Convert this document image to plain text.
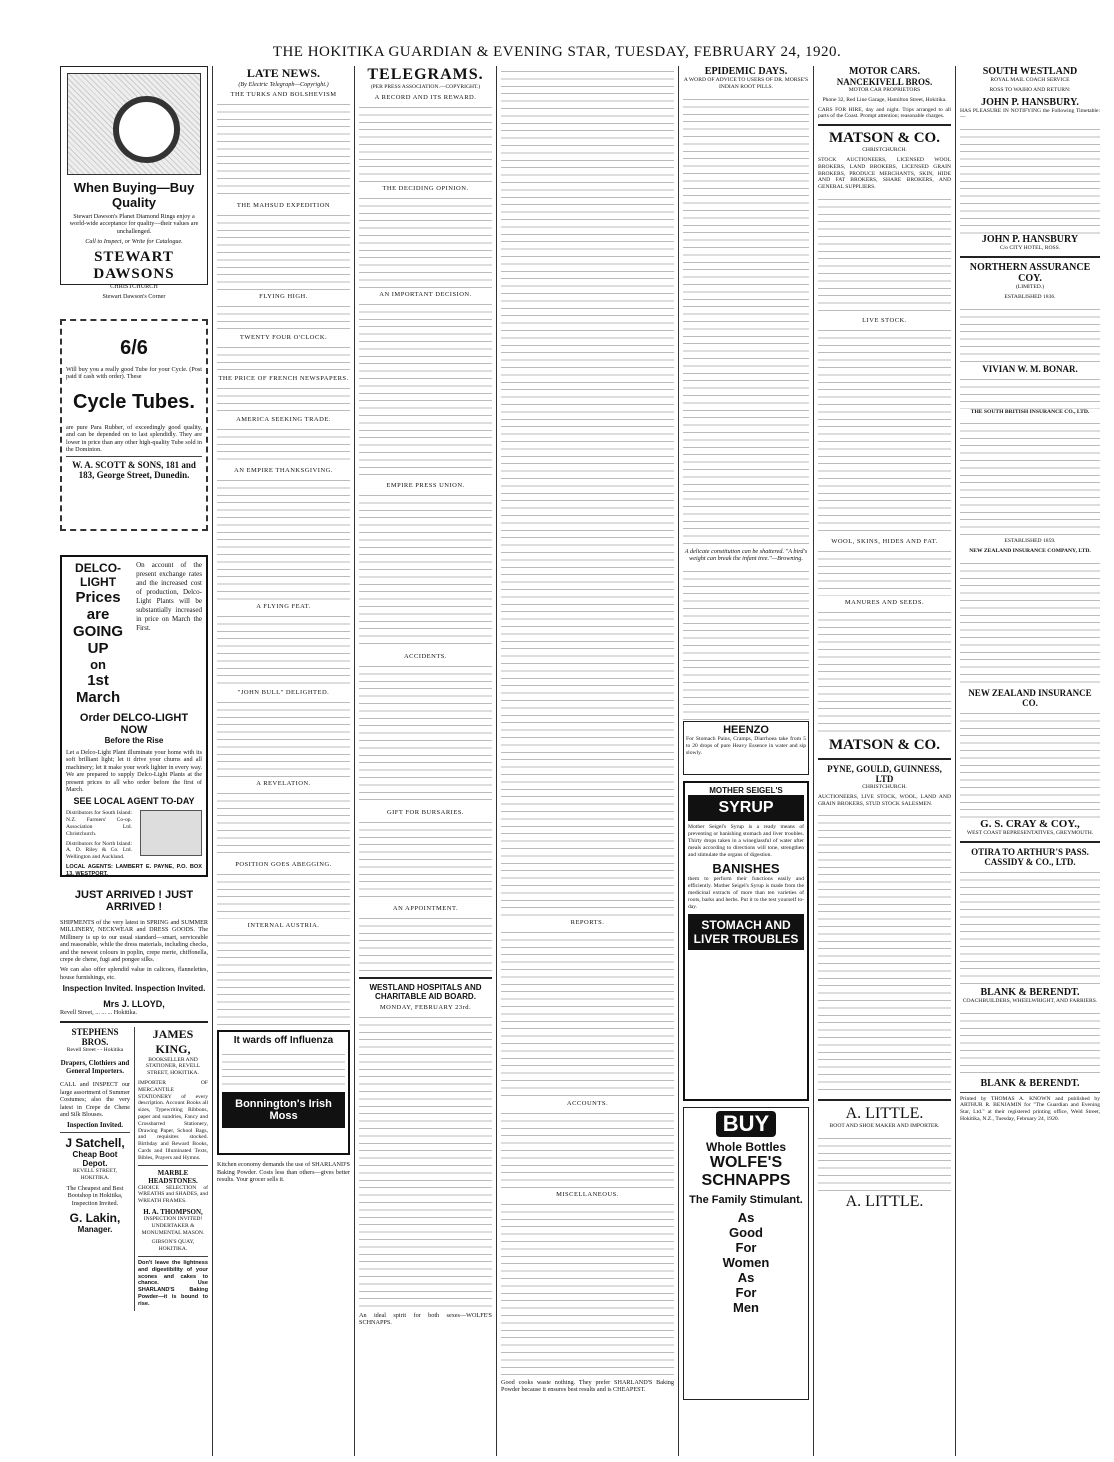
THE HOKITIKA GUARDIAN & EVENING STAR, TUESDAY, FEBRUARY 24, 1920.
When Buying—Buy Quality
Stewart Dawson's Planet Diamond Rings enjoy a world-wide acceptance for quality—their values are unchallenged.
Call to Inspect, or Write for Catalogue.
STEWART DAWSONS
CHRISTCHURCH
Stewart Dawson's Corner
6/6
Will buy you a really good Tube for your Cycle. (Post paid if cash with order). These
Cycle Tubes.
are pure Para Rubber, of exceedingly good quality, and can be depended on to last splendidly. They are lower in price than any other high-quality Tube sold in the Dominion.
W. A. SCOTT & SONS, 181 and 183, George Street, Dunedin.
DELCO-LIGHT
Prices are
GOING UP
on
1st March
On account of the present exchange rates and the increased cost of production, Delco-Light Plants will be substantially increased in price on March the First.
Order DELCO-LIGHT NOW
Before the Rise
Let a Delco-Light Plant illuminate your home with its soft brilliant light; let it drive your churns and all machinery; let it make your work lighter in every way. We are prepared to supply Delco-Light Plants at the present prices to all who order before the first of March.
SEE LOCAL AGENT TO-DAY
Distributors for South Island: N.Z. Farmers' Co-op. Association Ltd. Christchurch.
Distributors for North Island: A. D. Riley & Co. Ltd. Wellington and Auckland.
LOCAL AGENTS: LAMBERT E. PAYNE, P.O. BOX 13, WESTPORT.
JUST ARRIVED ! JUST ARRIVED !
SHIPMENTS of the very latest in SPRING and SUMMER MILLINERY, NECKWEAR and DRESS GOODS. The Millinery is up to our usual standard—smart, serviceable and reasonable, while the dress materials, including checks, and the newest colours in poplin, crepe merie, chiffonella, crepe de chene, fugi and pongee silks.
We can also offer splendid value in calicoes, flannelettes, house furnishings, etc.
Inspection Invited. Inspection Invited.
Mrs J. LLOYD,
Revell Street, ... ... ... Hokitika.
STEPHENS BROS.
Revell Street - - Hokitika
Drapers, Clothiers and General Importers.
CALL and INSPECT our large assortment of Summer Costumes; also the very latest in Crepe de Chene and Silk Blouses.
Inspection Invited.
J Satchell,
Cheap Boot Depot.
REVELL STREET, HOKITIKA.
The Cheapest and Best Bootshop in Hokitika, Inspection Invited.
G. Lakin,
Manager.
JAMES KING,
BOOKSELLER AND STATIONER, REVELL STREET, HOKITIKA.
IMPORTER OF MERCANTILE STATIONERY of every description. Account Books all sizes, Typewriting Ribbons, paper and sundries, Fancy and Crossbarred Stationery, Drawing Paper, School Bags, and requisites stocked. Birthday and Reward Books, Cards and Illuminated Texts, Bibles, Prayers and Hymns.
MARBLE HEADSTONES.
CHOICE SELECTION of WREATHS and SHADES, and WREATH FRAMES.
H. A. THOMPSON,
INSPECTION INVITED! UNDERTAKER & MONUMENTAL MASON.
GIBSON'S QUAY, HOKITIKA.
Don't leave the lightness and digestibility of your scones and cakes to chance. Use SHARLAND'S Baking Powder—it is bound to rise.
LATE NEWS.
(By Electric Telegraph—Copyright.)
THE TURKS AND BOLSHEVISM
THE MAHSUD EXPEDITION
FLYING HIGH.
TWENTY FOUR O'CLOCK.
THE PRICE OF FRENCH NEWSPAPERS.
AMERICA SEEKING TRADE.
AN EMPIRE THANKSGIVING.
A FLYING FEAT.
"JOHN BULL" DELIGHTED.
A REVELATION.
POSITION GOES ABEGGING.
INTERNAL AUSTRIA.
It wards off Influenza
Bonnington's Irish Moss
Kitchen economy demands the use of SHARLAND'S Baking Powder. Costs less than others—gives better results. Your grocer sells it.
TELEGRAMS.
(PER PRESS ASSOCIATION.—COPYRIGHT.)
A RECORD AND ITS REWARD.
THE DECIDING OPINION.
AN IMPORTANT DECISION.
EMPIRE PRESS UNION.
ACCIDENTS.
GIFT FOR BURSARIES.
AN APPOINTMENT.
WESTLAND HOSPITALS AND CHARITABLE AID BOARD.
MONDAY, FEBRUARY 23rd.
An ideal spirit for both sexes—WOLFE'S SCHNAPPS.
REPORTS.
ACCOUNTS.
MISCELLANEOUS.
Good cooks waste nothing. They prefer SHARLAND'S Baking Powder because it ensures best results and is CHEAPEST.
EPIDEMIC DAYS.
A WORD OF ADVICE TO USERS OF DR. MORSE'S INDIAN ROOT PILLS.
A delicate constitution can be shattered. "A bird's weight can break the infant tree."—Browning.
HEENZO
For Stomach Pains, Cramps, Diarrhoea take from 5 to 20 drops of pure Heavy Essence in water and sip slowly.
MOTHER SEIGEL'S
SYRUP
Mother Seigel's Syrup is a ready means of preventing or banishing stomach and liver troubles. Thirty drops taken in a wineglassful of water after meals according to directions will tone, strengthen and stimulate the organs of digestion.
BANISHES
them to perform their functions easily and efficiently. Mother Seigel's Syrup is made from the medicinal extracts of more than ten varieties of roots, barks and herbs. Put it to the test yourself to-day.
STOMACH AND LIVER TROUBLES
BUY
Whole Bottles
WOLFE'S SCHNAPPS
The Family Stimulant.
As
Good
For
Women
As
For
Men
MOTOR CARS.
NANCEKIVELL BROS.
MOTOR CAR PROPRIETORS
Phone 32, Red Line Garage, Hamilton Street, Hokitika.
CARS FOR HIRE, day and night. Trips arranged to all parts of the Coast. Prompt attention; reasonable charges.
MATSON & CO.
CHRISTCHURCH.
STOCK AUCTIONEERS, LICENSED WOOL BROKERS, LAND BROKERS, LICENSED GRAIN BROKERS, PRODUCE MERCHANTS, SKIN, HIDE AND FAT BROKERS, SHARE BROKERS, AND GENERAL SUPPLIERS.
LIVE STOCK.
WOOL, SKINS, HIDES AND FAT.
MANURES AND SEEDS.
MATSON & CO.
PYNE, GOULD, GUINNESS, LTD
CHRISTCHURCH.
AUCTIONEERS, LIVE STOCK, WOOL, LAND AND GRAIN BROKERS, STUD STOCK SALESMEN.
A. LITTLE.
BOOT AND SHOE MAKER AND IMPORTER.
A. LITTLE.
SOUTH WESTLAND
ROYAL MAIL COACH SERVICE
ROSS TO WAIHO AND RETURN:
JOHN P. HANSBURY.
HAS PLEASURE IN NOTIFYING the Following Timetable:—
JOHN P. HANSBURY
C/o CITY HOTEL, ROSS.
NORTHERN ASSURANCE COY.
(LIMITED.)
ESTABLISHED 1836.
VIVIAN W. M. BONAR.
THE SOUTH BRITISH INSURANCE CO., LTD.
ESTABLISHED 1859.
NEW ZEALAND INSURANCE COMPANY, LTD.
NEW ZEALAND INSURANCE CO.
G. S. CRAY & COY.,
WEST COAST REPRESENTATIVES, GREYMOUTH.
OTIRA TO ARTHUR'S PASS. CASSIDY & CO., LTD.
BLANK & BERENDT.
COACHBUILDERS, WHEELWRIGHT, AND FARRIERS.
BLANK & BERENDT.
Printed by THOMAS A. KNOWN and published by ARTHUR R. BENJAMIN for "The Guardian and Evening Star, Ltd." at their registered printing office, Weld Street, Hokitika, N.Z., Tuesday, February 24, 1920.
